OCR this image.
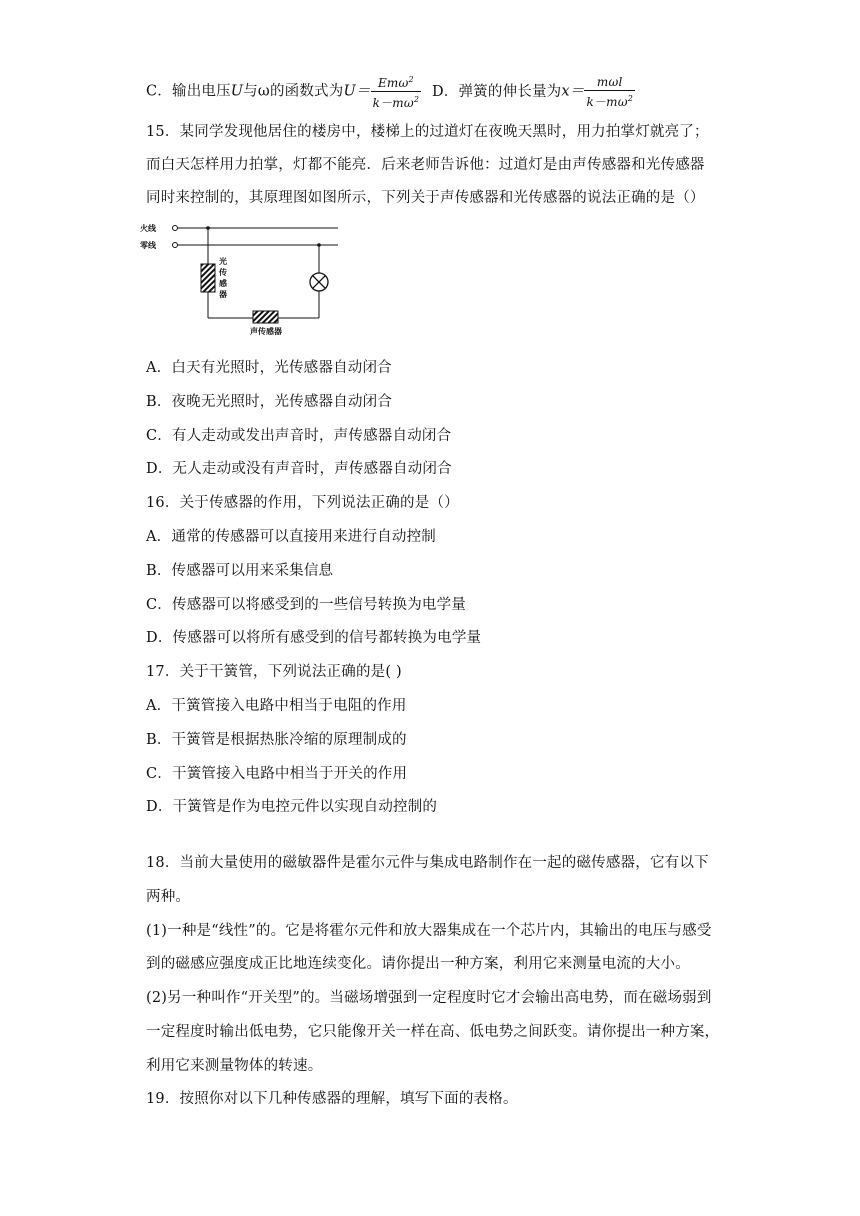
C．输出电压U与ω的函数式为$U= \frac{Em\omega^2}{k-m\omega^2}$ D．弹簧的伸长量为$x= \frac{\text{mωl}}{k-m\omega^2}$
15．某同学发现他居住的楼房中，楼梯上的过道灯在夜晚天黑时，用力拍掌灯就亮了；
而白天怎样用力拍掌，灯都不能亮．后来老师告诉他：过道灯是由声传感器和光传感器
同时来控制的，其原理图如图所示，下列关于声传感器和光传感器的说法正确的是（）
火线
零线
光
传
感
器
声传感器
A．白天有光照时，光传感器自动闭合
B．夜晚无光照时，光传感器自动闭合
C．有人走动或发出声音时，声传感器自动闭合
D．无人走动或没有声音时，声传感器自动闭合
16．关于传感器的作用，下列说法正确的是（）
A．通常的传感器可以直接用来进行自动控制
B．传感器可以用来采集信息
C．传感器可以将感受到的一些信号转换为电学量
D．传感器可以将所有感受到的信号都转换为电学量
17．关于干簧管，下列说法正确的是( )
A．干簧管接入电路中相当于电阻的作用
B．干簧管是根据热胀冷缩的原理制成的
C．干簧管接入电路中相当于开关的作用
D．干簧管是作为电控元件以实现自动控制的
18．当前大量使用的磁敏器件是霍尔元件与集成电路制作在一起的磁传感器，它有以下
两种。
(1)一种是“线性”的。它是将霍尔元件和放大器集成在一个芯片内，其输出的电压与感受
到的磁感应强度成正比地连续变化。请你提出一种方案，利用它来测量电流的大小。
(2)另一种叫作“开关型”的。当磁场增强到一定程度时它才会输出高电势，而在磁场弱到
一定程度时输出低电势，它只能像开关一样在高、低电势之间跃变。请你提出一种方案，
利用它来测量物体的转速。
19．按照你对以下几种传感器的理解，填写下面的表格。
